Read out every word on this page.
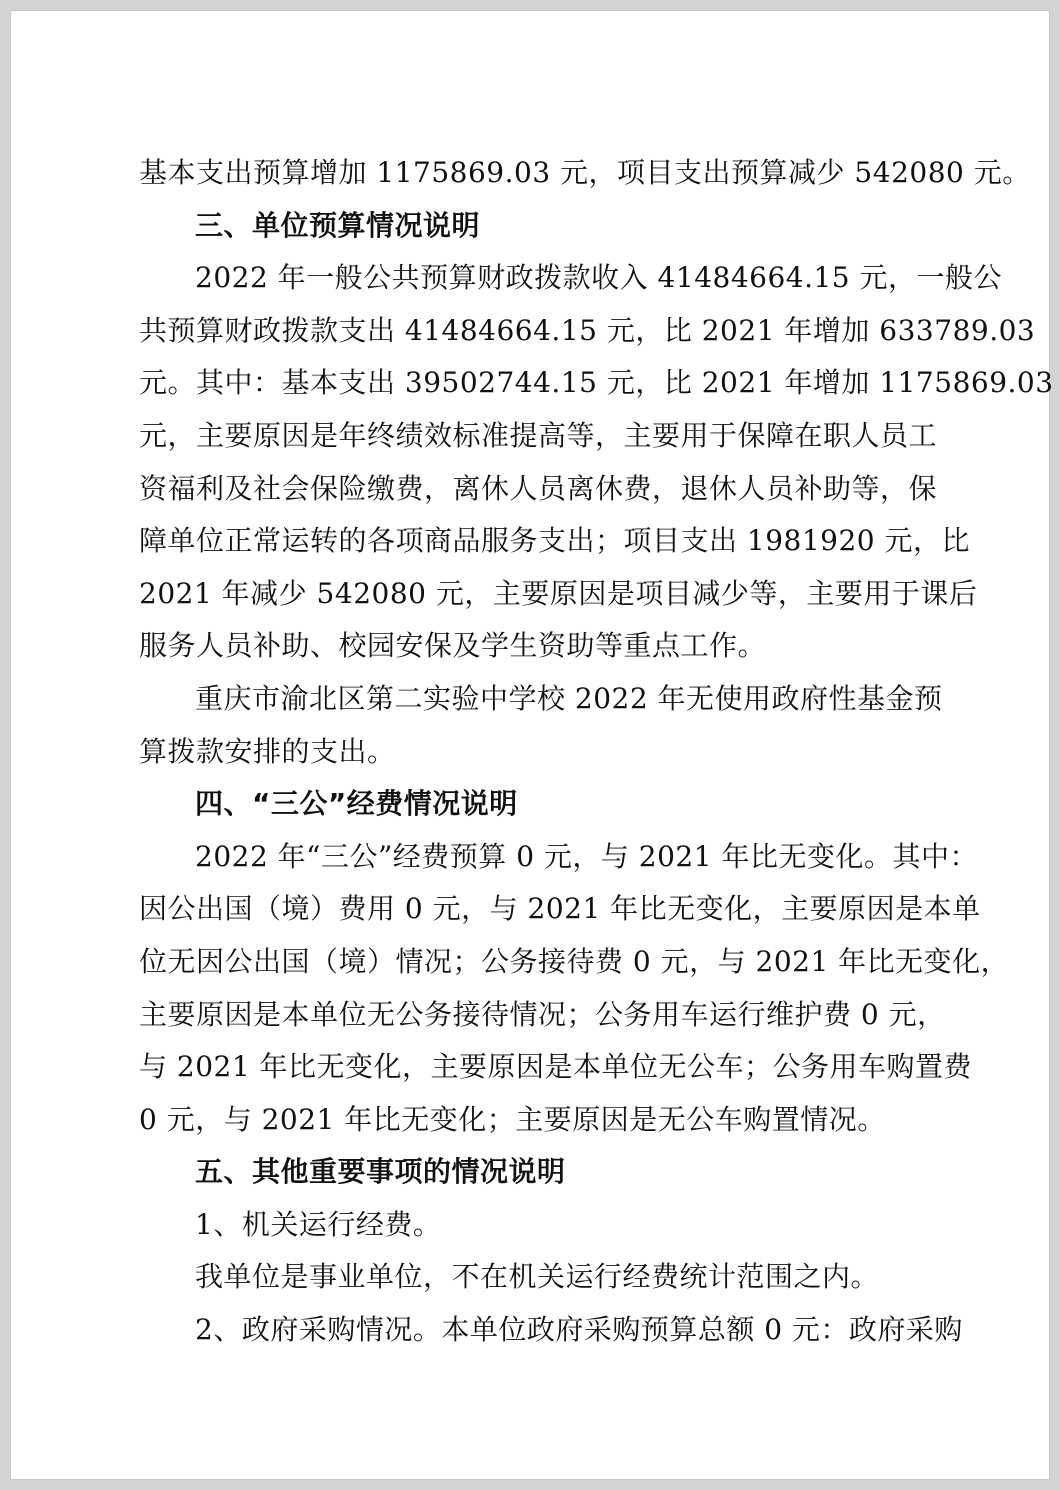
基本支出预算增加 1175869.03 元，项目支出预算减少 542080 元。
三、单位预算情况说明
2022 年一般公共预算财政拨款收入 41484664.15 元，一般公
共预算财政拨款支出 41484664.15 元，比 2021 年增加 633789.03
元。其中：基本支出 39502744.15 元，比 2021 年增加 1175869.03
元，主要原因是年终绩效标准提高等，主要用于保障在职人员工
资福利及社会保险缴费，离休人员离休费，退休人员补助等，保
障单位正常运转的各项商品服务支出；项目支出 1981920 元，比
2021 年减少 542080 元，主要原因是项目减少等，主要用于课后
服务人员补助、校园安保及学生资助等重点工作。
重庆市渝北区第二实验中学校 2022 年无使用政府性基金预
算拨款安排的支出。
四、“三公”经费情况说明
2022 年“三公”经费预算 0 元，与 2021 年比无变化。其中：
因公出国（境）费用 0 元，与 2021 年比无变化，主要原因是本单
位无因公出国（境）情况；公务接待费 0 元，与 2021 年比无变化，
主要原因是本单位无公务接待情况；公务用车运行维护费 0 元，
与 2021 年比无变化，主要原因是本单位无公车；公务用车购置费
0 元，与 2021 年比无变化；主要原因是无公车购置情况。
五、其他重要事项的情况说明
1、机关运行经费。
我单位是事业单位，不在机关运行经费统计范围之内。
2、政府采购情况。本单位政府采购预算总额 0 元：政府采购
